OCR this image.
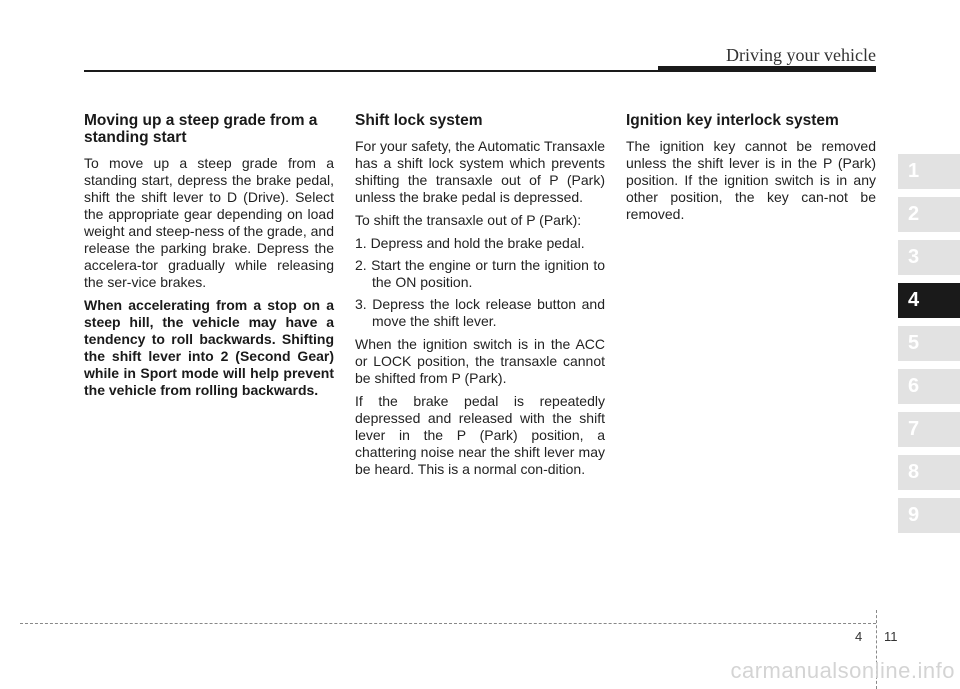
Driving your vehicle
Moving up a steep grade from a standing start

To move up a steep grade from a standing start, depress the brake pedal, shift the shift lever to D (Drive). Select the appropriate gear depending on load weight and steep-ness of the grade, and release the parking brake. Depress the accelera-tor gradually while releasing the ser-vice brakes.

When accelerating from a stop on a steep hill, the vehicle may have a tendency to roll backwards. Shifting the shift lever into 2 (Second Gear) while in Sport mode will help prevent the vehicle from rolling backwards.

Shift lock system

For your safety, the Automatic Transaxle has a shift lock system which prevents shifting the transaxle out of P (Park) unless the brake pedal is depressed.

To shift the transaxle out of P (Park):

1. Depress and hold the brake pedal.
2. Start the engine or turn the ignition to the ON position.
3. Depress the lock release button and move the shift lever.

When the ignition switch is in the ACC or LOCK position, the transaxle cannot be shifted from P (Park).

If the brake pedal is repeatedly depressed and released with the shift lever in the P (Park) position, a chattering noise near the shift lever may be heard. This is a normal con-dition.

Ignition key interlock system

The ignition key cannot be removed unless the shift lever is in the P (Park) position. If the ignition switch is in any other position, the key can-not be removed.

1
2
3
4
5
6
7
8
9
4 11
carmanualsonline.info
